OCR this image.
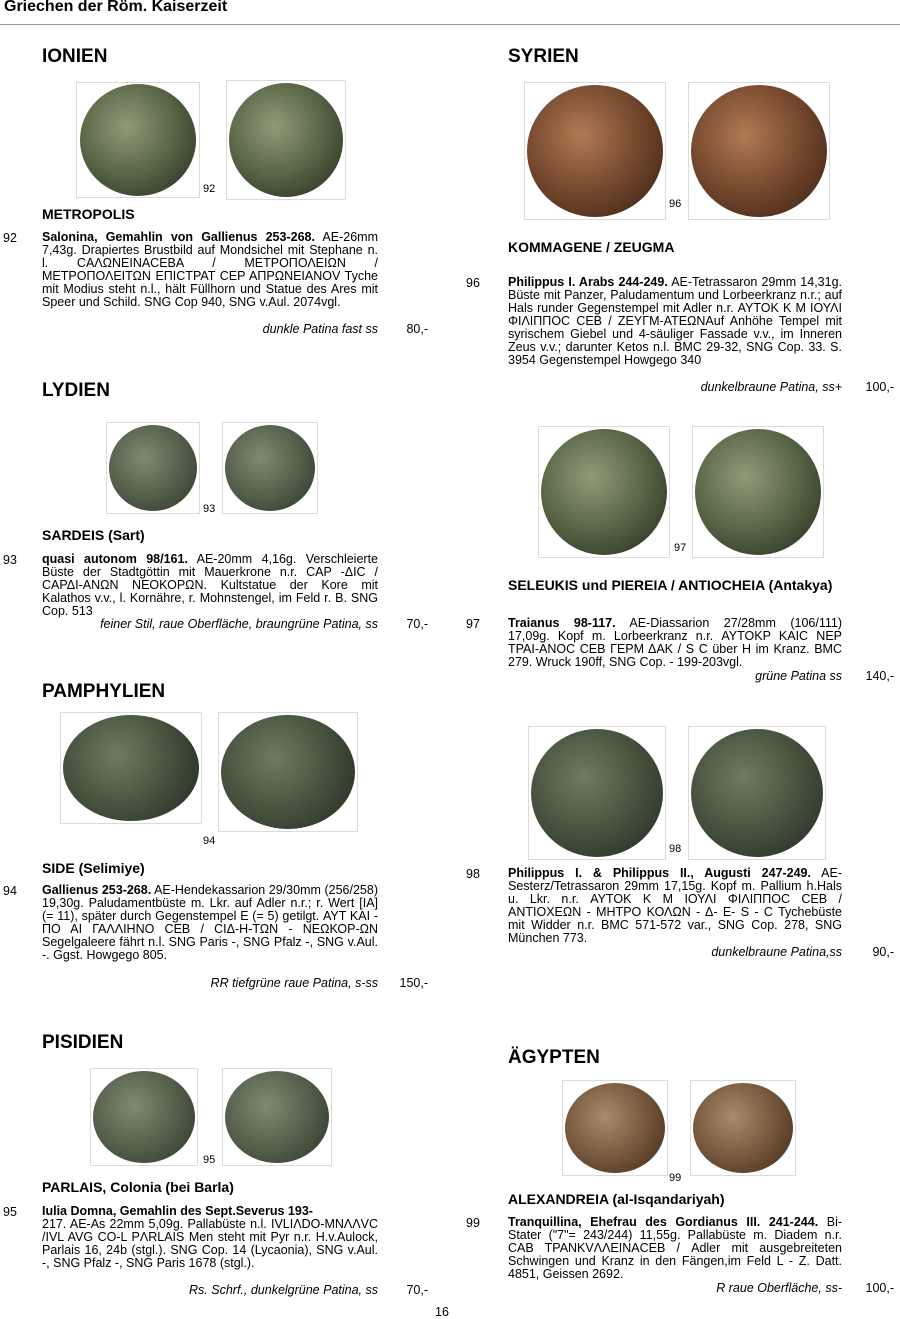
Griechen der Röm. Kaiserzeit
IONIEN
92
METROPOLIS
92 Salonina, Gemahlin von Gallienus 253-268. AE-26mm 7,43g. Drapiertes Brustbild auf Mondsichel mit Stephane n. l. CΑΛΩΝΕΙΝΑCΕΒΑ / ΜΕΤΡΟΠΟΛΕΙΩΝ / ΜΕΤΡΟΠΟΛΕΙΤΩΝ ΕΠΙCΤΡΑΤ CΕΡ ΑΠΡΩΝΕΙΑΝΟV Tyche mit Modius steht n.l., hält Füllhorn und Statue des Ares mit Speer und Schild. SNG Cop 940, SNG v.Aul. 2074vgl.
dunkle Patina fast ss	80,-
LYDIEN
93
SARDEIS (Sart)
93 quasi autonom 98/161. AE-20mm 4,16g. Verschleierte Büste der Stadtgöttin mit Mauerkrone n.r. CΑΡ -ΔΙC / CΑΡΔΙ-ΑΝΩΝ ΝΕΟΚΟΡΩΝ. Kultstatue der Kore mit Kalathos v.v., l. Kornähre, r. Mohnstengel, im Feld r. B. SNG Cop. 513
feiner Stil, raue Oberfläche, braungrüne Patina, ss	70,-
PAMPHYLIEN
94
SIDE (Selimiye)
94 Gallienus 253-268. AE-Hendekassarion 29/30mm (256/258) 19,30g. Paludamentbüste m. Lkr. auf Adler n.r.; r. Wert [IA] (= 11), später durch Gegenstempel E (= 5) getilgt. ΑΥΤ ΚΑΙ - ΠΟ ΑΙ ΓΑΛΛΙΗΝΟ CΕΒ / CΙΔ-Η-ΤΩΝ - ΝΕΩΚΟΡ-ΩΝ Segelgaleere fährt n.l. SNG Paris -, SNG Pfalz -, SNG v.Aul. -. Ggst. Howgego 805.
RR tiefgrüne raue Patina, s-ss	150,-
PISIDIEN
95
PARLAIS, Colonia (bei Barla)
95 Iulia Domna, Gemahlin des Sept.Severus 193-
217. AE-As 22mm 5,09g. Pallabüste n.l. IVLIΛDO-MNΛΛVC /IVL AVG CO-L PΛRLAIS Men steht mit Pyr n.r. H.v.Aulock, Parlais 16, 24b (stgl.). SNG Cop. 14 (Lycaonia), SNG v.Aul. -, SNG Pfalz -, SNG Paris 1678 (stgl.).
Rs. Schrf., dunkelgrüne Patina, ss	70,-
SYRIEN
96
KOMMAGENE / ZEUGMA
96 Philippus I. Arabs 244-249. AE-Tetrassaron 29mm 14,31g. Büste mit Panzer, Paludamentum und Lorbeerkranz n.r.; auf Hals runder Gegenstempel mit Adler n.r. ΑΥΤΟΚ Κ Μ ΙΟΥΛΙ ΦΙΛΙΠΠΟC CΕΒ / ΖΕΥΓΜ-ΑΤΕΩΝAuf Anhöhe Tempel mit syrischem Giebel und 4-säuliger Fassade v.v., im Inneren Zeus v.v.; darunter Ketos n.l. BMC 29-32, SNG Cop. 33. S. 3954 Gegenstempel Howgego 340
dunkelbraune Patina, ss+	100,-
97
SELEUKIS und PIEREIA / ANTIOCHEIA (Antakya)
97 Traianus 98-117. AE-Diassarion 27/28mm (106/111) 17,09g. Kopf m. Lorbeerkranz n.r. ΑΥΤΟΚΡ ΚΑΙC ΝΕΡ ΤΡΑΙ-ΑΝΟC CΕΒ ΓΕΡΜ ΔΑΚ / S C über H im Kranz. BMC 279. Wruck 190ff, SNG Cop. - 199-203vgl.
grüne Patina ss	140,-
98
98 Philippus I. & Philippus II., Augusti 247-249. AE-Sesterz/Tetrassaron 29mm 17,15g. Kopf m. Pallium h.Hals u. Lkr. n.r. ΑΥΤΟΚ Κ Μ ΙΟΥΛΙ ΦΙΛΙΠΠΟC CΕΒ / ΑΝΤΙΟΧΕΩΝ - ΜΗΤΡΟ ΚΟΛΩΝ - Δ- Ε- S - C Tychebüste mit Widder n.r. BMC 571-572 var., SNG Cop. 278, SNG München 773.
dunkelbraune Patina,ss	90,-
ÄGYPTEN
99
ALEXANDREIA (al-Isqandariyah)
99 Tranquillina, Ehefrau des Gordianus III. 241-244. Bi-Stater ("7"= 243/244) 11,55g. Pallabüste m. Diadem n.r. CΑΒ ΤΡΑΝΚVΛΛΕΙΝΑCΕΒ / Adler mit ausgebreiteten Schwingen und Kranz in den Fängen,im Feld L - Z. Datt. 4851, Geissen 2692.
R raue Oberfläche, ss-	100,-
16
